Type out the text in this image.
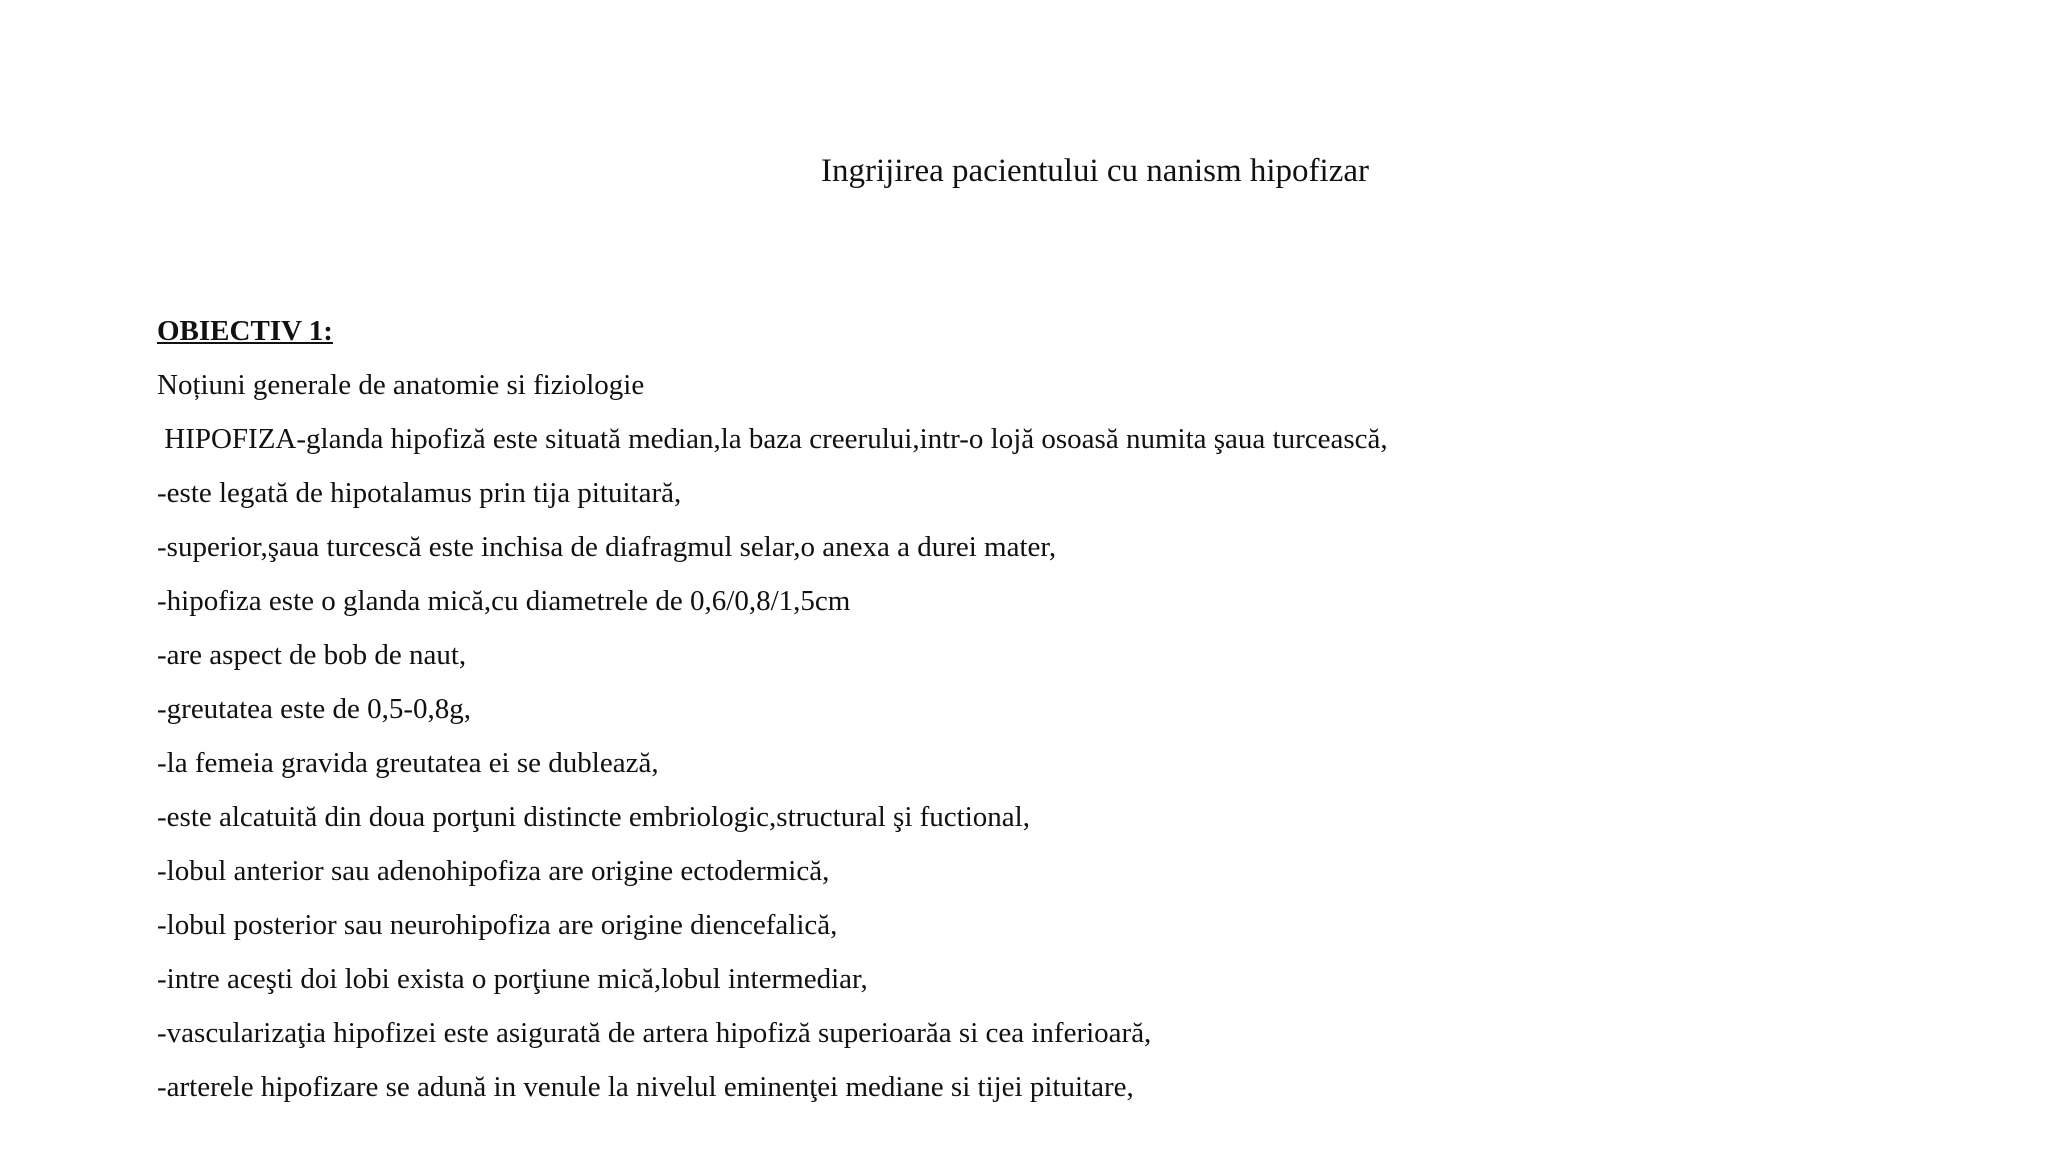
Ingrijirea pacientului cu nanism hipofizar
OBIECTIV 1:
Noțiuni generale de anatomie si fiziologie
HIPOFIZA-glanda hipofiză este situată median,la baza creerului,intr-o lojă osoasă numita şaua turcească,
-este legată de hipotalamus prin tija pituitară,
-superior,şaua turcescă este inchisa de diafragmul selar,o anexa a durei mater,
-hipofiza este o glanda mică,cu diametrele de 0,6/0,8/1,5cm
-are aspect de bob de naut,
-greutatea este de 0,5-0,8g,
-la femeia gravida greutatea ei se dublează,
-este alcatuită din doua porţuni distincte embriologic,structural şi fuctional,
-lobul anterior sau adenohipofiza are origine ectodermică,
-lobul posterior sau neurohipofiza are origine diencefalică,
-intre aceşti doi lobi exista o porţiune mică,lobul intermediar,
-vascularizaţia hipofizei este asigurată de artera hipofiză superioarăa si cea inferioară,
-arterele hipofizare se adună in venule la nivelul eminenţei mediane si tijei pituitare,
